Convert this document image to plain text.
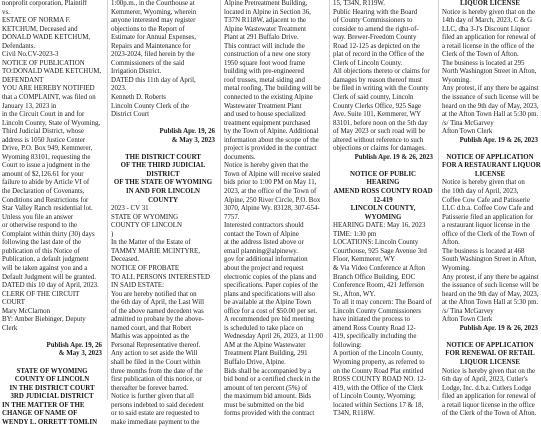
nonprofit corporation, Plaintiff
vs.
ESTATE OF NORMA F.
KETCHUM, Deceased and
DONALD WADE KETCHUM,
Defendants.
Civil No.CV-2023-3
NOTICE OF PUBLICATION
TO:DONALD WADE KETCHUM,
DEFENDANT
YOU ARE HEREBY NOTIFIED
that a COMPLAINT, was filed on
January 13, 2023 in
in the Circuit Court in and for
Lincoln County, State of Wyoming,
Third Judicial District, whose
address is 1050 Justice Center
Drive, P.O. Box 949, Kemmerer,
Wyoming 83101, requesting the
Court to issue a judgment in the
amount of $2,126.61 for your
failure to abide by Article VI of
the Declaration of Covenants,
Conditions and Restrictions for
Star Valley Ranch residential lot.
Unless you file an answer
or otherwise respond to the
Complaint within thirty (30) days
following the last date of the
publication of this Notice of
Publication, a default judgment
will be taken against you and a
Default Judgment will be granted.
DATED this 10 day of April, 2023.
CLERK OF THE CIRCUIT
COURT
Mary McClarnon
BY: Amber Biebinger, Deputy
Clerk

Publish Apr. 19, 26
& May 3, 2023

STATE OF WYOMING
COUNTY OF LINCOLN
IN THE DISTRICT COURT
3RD JUDICIAL DISTRICT
IN THE MATTER OF THE
CHANGE OF NAME OF
WENDY L. ORRETT TOMLIN
1:00p.m., in the Courthouse at
Kemmerer, Wyoming, wherein
anyone interested may register
objections to the Report of
Estimate for Annual Expenses,
Repairs and Maintenance for
2023-2024, filed herein by the
Commissioners of the said
Irrigation District.
DATED this 11th day of April,
2023.
Kenneth D. Roberts
Lincoln County Clerk of the
District Court

Publish Apr. 19, 26
& May 3, 2023

THE DISTRICT COURT
OF THE THIRD JUDICIAL
DISTRICT
OF THE STATE OF WYOMING
IN AND FOR LINCOLN
COUNTY
2023 - CV 31
STATE OF WYOMING
COUNTY OF LINCOLN
)
In the Matter of the Estate of
TAMMY MARIE MCINTYRE,
Deceased.
NOTICE OF PROBATE
TO ALL PERSONS INTERESTED
IN SAID ESTATE:
You are hereby notified that on
the 6th day of April, the Last Will
of the above named decedent was
admitted to probate by the above-
named court, and that Robert
Mathis was appointed as the
Personal Representative thereof.
Any action to set aside the Will
shall be filed in the Court within
three months from the date of the
first publication of this notice, or
thereafter be forever barred.
Notice is further given that all
persons indebted to said decedent
or to said estate are requested to
make immediate payment to the
Alpine Pretreatment Building,
located in Alpine in Section 36,
T37N R118W, adjacent to the
Alpine Wastewater Treatment
Plant at 291 Buffalo Drive.
This contract will include the
construction of a new one story
1950 square foot wood frame
building with pre-engineered
roof trusses, metal siding and
metal roofing. The building will be
connected to the existing Alpine
Wastewater Treatment Plant
and used to house specialized
treatment equipment purchased
by the Town of Alpine. Additional
information about the scope of the
project is provided in the contract
documents.
Notice is hereby given that the
Town of Alpine will receive sealed
bids prior to 1:00 PM on May 11,
2023, at the office of the Town of
Alpine, 250 River Circle, P.O. Box
3070, Alpine Wy. 83128, 307-654-
7757.
Interested contractors should
contact the Town of Alpine
at the address listed above or
email planning@alpinewy.
gov for additional information
about the project and request
electronic copies of the plans and
specifications. Paper copies of the
plans and specifications will also
be available at the Alpine Town
office for a cost of $50.00 per set.
A recommended pre bid meeting
is scheduled to take place on
Wednesday April 26, 2023, at 11:00
AM at the Alpine Wastewater
Treatment Plant Building, 291
Buffalo Drive, Alpine.
Bids shall be accompanied by a
bid bond or a certified check in the
amount of ten percent (5%) of
the maximum bid amount. Bids
must be submitted on the bid
forms provided with the contract
15, T34N, R119W.
Public Hearing with the Board
of County Commissioners to
consider to amend the right-of-
way. Brewer-Freedom County
Road 12-125 as depicted on the
plat of record in the Office of the
Clerk of Lincoln County.
All objections thereto or claims for
damages by reason thereof must
be filed in writing with the County
Clerk of said county, Lincoln
County Clerks Office, 925 Sage
Ave. Suite 101, Kemmerer, WY
83101, before noon on the 5th day
of May 2023 or such road will be
altered without reference to such
objections or claims for damages.
Publish Apr. 19 & 26, 2023

NOTICE OF PUBLIC
HEARING
AMEND ROSS COUNTY ROAD
12-419
LINCOLN COUNTY,
WYOMING
HEARING DATE: May 16, 2023
TIME: 1:30 pm
LOCATIONS: Lincoln County
Courthouse, 925 Sage Avenue 3rd
Floor, Kemmerer, WY
& Via Video Conference at Afton
Branch Office Building, EOC
Conference Room, 421 Jefferson
St., Afton, WY.
To all it may concern: The Board of
Lincoln County Commissioners
have initiated the process to
amend Ross County Road 12-
419, specifically including the
following:
A portion of the Lincoln County,
Wyoming property, as referred to
on the County Road Plat entitled
ROSS COUNTY ROAD NO. 12-
419, with the Office of the Clerk
of Lincoln County, Wyoming;
located within Sections 17 & 18,
T34N, R118W.
LIQUOR LICENSE
Notice is hereby given that on the
14th day of March, 2023, C & G
LLC, dba 3-J's Discount Liquor
filed an application for renewal of
a retail license in the office of the
Clerk of the Town of Afton.
The business is located at 295
North Washington Street in Afton,
Wyoming.
Any protest, if any there be against
the issuance of such license will be
heard on the 9th day of May, 2023,
at the Afton Town Hall at 5:30 pm.
/s/ Tina McGarvey
Afton Town Clerk
Publish Apr. 19 & 26, 2023

NOTICE OF APPLICATION
FOR A RESTAURANT LIQUOR
LICENSE
Notice is hereby given that on
the 10th day of April, 2023,
Coffee Cow Cafe and Patisserie
LLC d.b.a. Coffee Cow Cafe and
Patisserie filed an application for
a restaurant liquor license in the
office of the Clerk of the Town of
Afton.
The business is located at 468
South Washington Street in Afton,
Wyoming.
Any protest, if any there be against
the issuance of such license will be
heard on the 9th day of May, 2023,
at the Afton Town Hall at 5:30 pm.
/s/ Tina McGarvey
Afton Town Clerk
Publish Apr. 19 & 26, 2023

NOTICE OF APPLICATION
FOR RENEWAL OF RETAIL
LIQUOR LICENSE
Notice is hereby given that on the
6th day of April, 2023, Cutler's
Lodge, Inc. d.b.a. Cutlers Lodge
filed an application for renewal of
a retail liquor license in the office
of the Clerk of the Town of Afton.
